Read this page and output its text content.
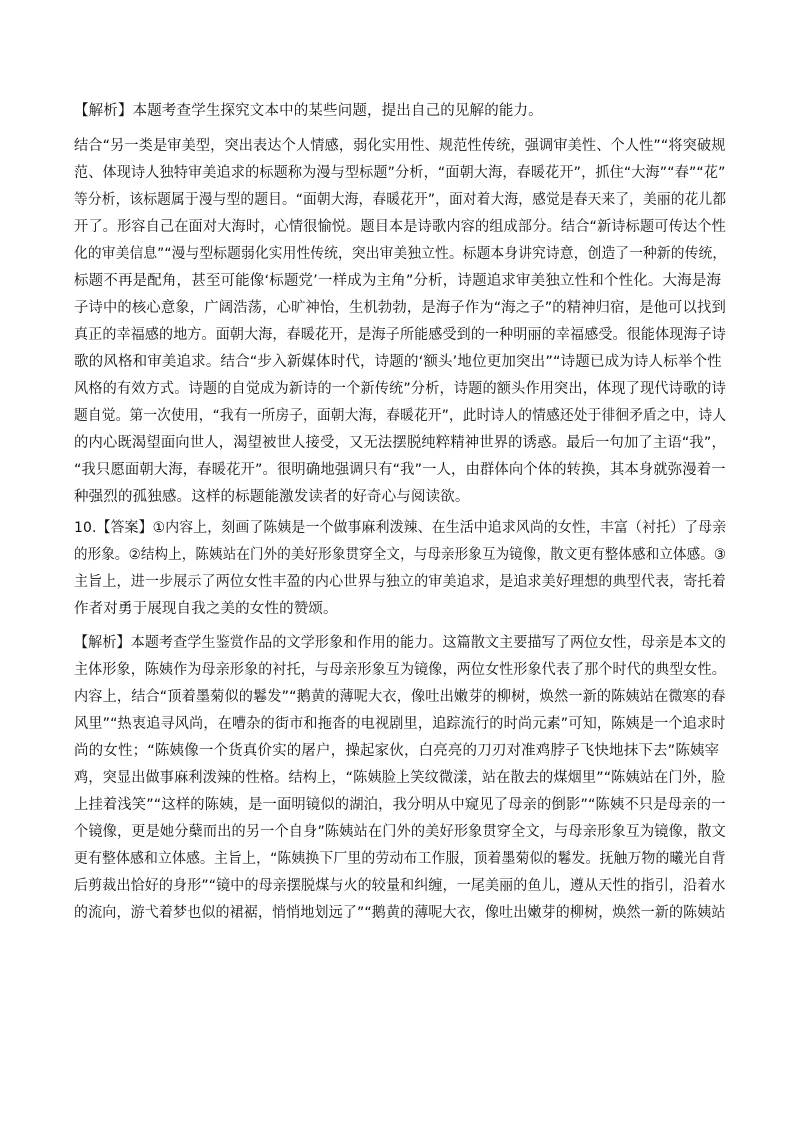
【解析】本题考查学生探究文本中的某些问题，提出自己的见解的能力。
结合“另一类是审美型，突出表达个人情感，弱化实用性、规范性传统，强调审美性、个人性”“将突破规
范、体现诗人独特审美追求的标题称为漫与型标题”分析，“面朝大海，春暖花开”，抓住“大海”“春”“花”
等分析，该标题属于漫与型的题目。“面朝大海，春暖花开”，面对着大海，感觉是春天来了，美丽的花儿都
开了。形容自己在面对大海时，心情很愉悦。题目本是诗歌内容的组成部分。结合“新诗标题可传达个性
化的审美信息”“漫与型标题弱化实用性传统，突出审美独立性。标题本身讲究诗意，创造了一种新的传统，
标题不再是配角，甚至可能像‘标题党’一样成为主角”分析，诗题追求审美独立性和个性化。大海是海
子诗中的核心意象，广阔浩荡，心旷神怡，生机勃勃，是海子作为“海之子”的精神归宿，是他可以找到
真正的幸福感的地方。面朝大海，春暖花开，是海子所能感受到的一种明丽的幸福感受。很能体现海子诗
歌的风格和审美追求。结合“步入新媒体时代，诗题的‘额头’地位更加突出”“诗题已成为诗人标举个性
风格的有效方式。诗题的自觉成为新诗的一个新传统”分析，诗题的额头作用突出，体现了现代诗歌的诗
题自觉。第一次使用，“我有一所房子，面朝大海，春暖花开”，此时诗人的情感还处于徘徊矛盾之中，诗人
的内心既渴望面向世人，渴望被世人接受，又无法摆脱纯粹精神世界的诱惑。最后一句加了主语“我”，
“我只愿面朝大海，春暖花开”。很明确地强调只有“我”一人，由群体向个体的转换，其本身就弥漫着一
种强烈的孤独感。这样的标题能激发读者的好奇心与阅读欲。
10.【答案】①内容上，刻画了陈姨是一个做事麻利泼辣、在生活中追求风尚的女性，丰富（衬托）了母亲
的形象。②结构上，陈姨站在门外的美好形象贯穿全文，与母亲形象互为镜像，散文更有整体感和立体感。③
主旨上，进一步展示了两位女性丰盈的内心世界与独立的审美追求，是追求美好理想的典型代表，寄托着
作者对勇于展现自我之美的女性的赞颂。
【解析】本题考查学生鉴赏作品的文学形象和作用的能力。这篇散文主要描写了两位女性，母亲是本文的
主体形象，陈姨作为母亲形象的衬托，与母亲形象互为镜像，两位女性形象代表了那个时代的典型女性。
内容上，结合“顶着墨菊似的鬈发”“鹅黄的薄呢大衣，像吐出嫩芽的柳树，焕然一新的陈姨站在微寒的春
风里”“热衷追寻风尚，在嘈杂的街市和拖沓的电视剧里，追踪流行的时尚元素”可知，陈姨是一个追求时
尚的女性；“陈姨像一个货真价实的屠户，操起家伙，白亮亮的刀刃对准鸡脖子飞快地抹下去”陈姨宰
鸡，突显出做事麻利泼辣的性格。结构上，“陈姨脸上笑纹微漾，站在散去的煤烟里”“陈姨站在门外，脸
上挂着浅笑”“这样的陈姨，是一面明镜似的湖泊，我分明从中窥见了母亲的倒影”“陈姨不只是母亲的一
个镜像，更是她分蘖而出的另一个自身”陈姨站在门外的美好形象贯穿全文，与母亲形象互为镜像，散文
更有整体感和立体感。主旨上，“陈姨换下厂里的劳动布工作服，顶着墨菊似的鬈发。抚触万物的曦光自背
后剪裁出恰好的身形”“镜中的母亲摆脱煤与火的较量和纠缠，一尾美丽的鱼儿，遵从天性的指引，沿着水
的流向，游弋着梦也似的裙裾，悄悄地划远了”“鹅黄的薄呢大衣，像吐出嫩芽的柳树，焕然一新的陈姨站
